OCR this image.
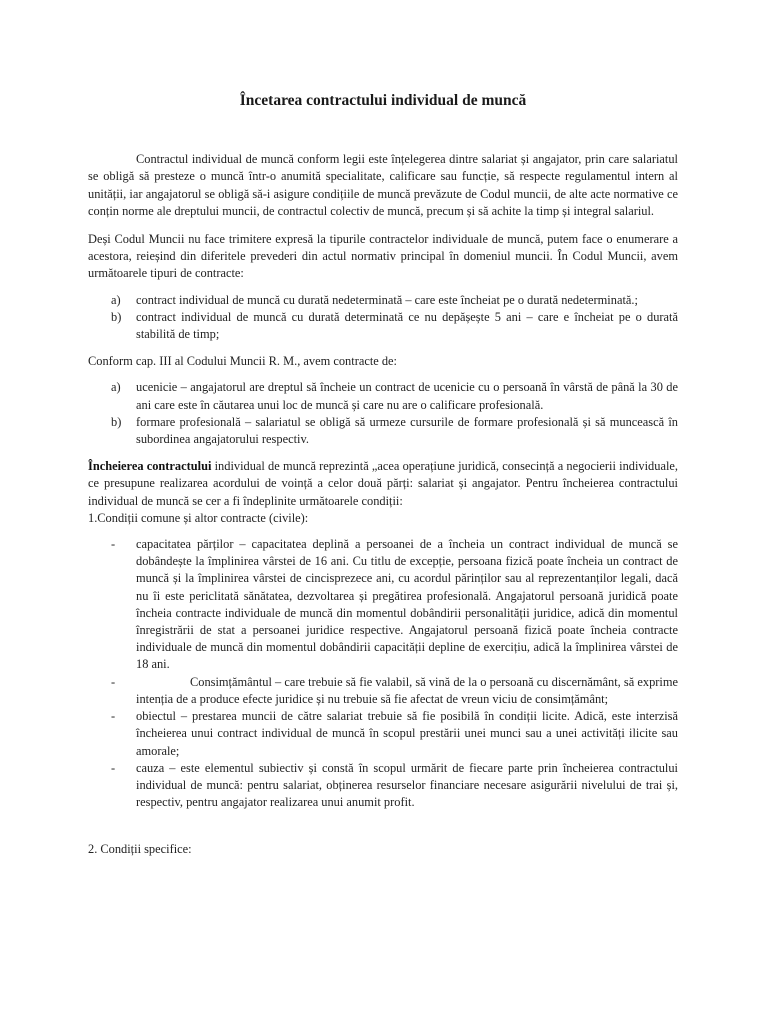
Încetarea contractului individual de muncă

Contractul individual de muncă conform legii este înțelegerea dintre salariat și angajator, prin care salariatul se obligă să presteze o muncă într-o anumită specialitate, calificare sau funcție, să respecte regulamentul intern al unității, iar angajatorul se obligă să-i asigure condițiile de muncă prevăzute de Codul muncii, de alte acte normative ce conțin norme ale dreptului muncii, de contractul colectiv de muncă, precum și să achite la timp și integral salariul.

Deși Codul Muncii nu face trimitere expresă la tipurile contractelor individuale de muncă, putem face o enumerare a acestora, reieșind din diferitele prevederi din actul normativ principal în domeniul muncii. În Codul Muncii, avem următoarele tipuri de contracte:

a) contract individual de muncă cu durată nedeterminată – care este încheiat pe o durată nedeterminată.;
b) contract individual de muncă cu durată determinată ce nu depășește 5 ani – care e încheiat pe o durată stabilită de timp;

Conform cap. III al Codului Muncii R. M., avem contracte de:

a) ucenicie – angajatorul are dreptul să încheie un contract de ucenicie cu o persoană în vârstă de până la 30 de ani care este în căutarea unui loc de muncă și care nu are o calificare profesională.
b) formare profesională – salariatul se obligă să urmeze cursurile de formare profesională și să muncească în subordinea angajatorului respectiv.

Încheierea contractului individual de muncă reprezintă „acea operațiune juridică, consecință a negocierii individuale, ce presupune realizarea acordului de voință a celor două părți: salariat și angajator. Pentru încheierea contractului individual de muncă se cer a fi îndeplinite următoarele condiții:
1.Condiții comune și altor contracte (civile):

- capacitatea părților – capacitatea deplină a persoanei de a încheia un contract individual de muncă se dobândește la împlinirea vârstei de 16 ani. Cu titlu de excepție, persoana fizică poate încheia un contract de muncă și la împlinirea vârstei de cincisprezece ani, cu acordul părinților sau al reprezentanților legali, dacă nu îi este periclitată sănătatea, dezvoltarea și pregătirea profesională. Angajatorul persoană juridică poate încheia contracte individuale de muncă din momentul dobândirii personalității juridice, adică din momentul înregistrării de stat a persoanei juridice respective. Angajatorul persoană fizică poate încheia contracte individuale de muncă din momentul dobândirii capacității depline de exercițiu, adică la împlinirea vârstei de 18 ani.
-	Consimțământul – care trebuie să fie valabil, să vină de la o persoană cu discernământ, să exprime intenția de a produce efecte juridice și nu trebuie să fie afectat de vreun viciu de consimțământ;
- obiectul – prestarea muncii de către salariat trebuie să fie posibilă în condiții licite. Adică, este interzisă încheierea unui contract individual de muncă în scopul prestării unei munci sau a unei activități ilicite sau amorale;
- cauza – este elementul subiectiv și constă în scopul urmărit de fiecare parte prin încheierea contractului individual de muncă: pentru salariat, obținerea resurselor financiare necesare asigurării nivelului de trai și, respectiv, pentru angajator realizarea unui anumit profit.

2. Condiții specifice:
